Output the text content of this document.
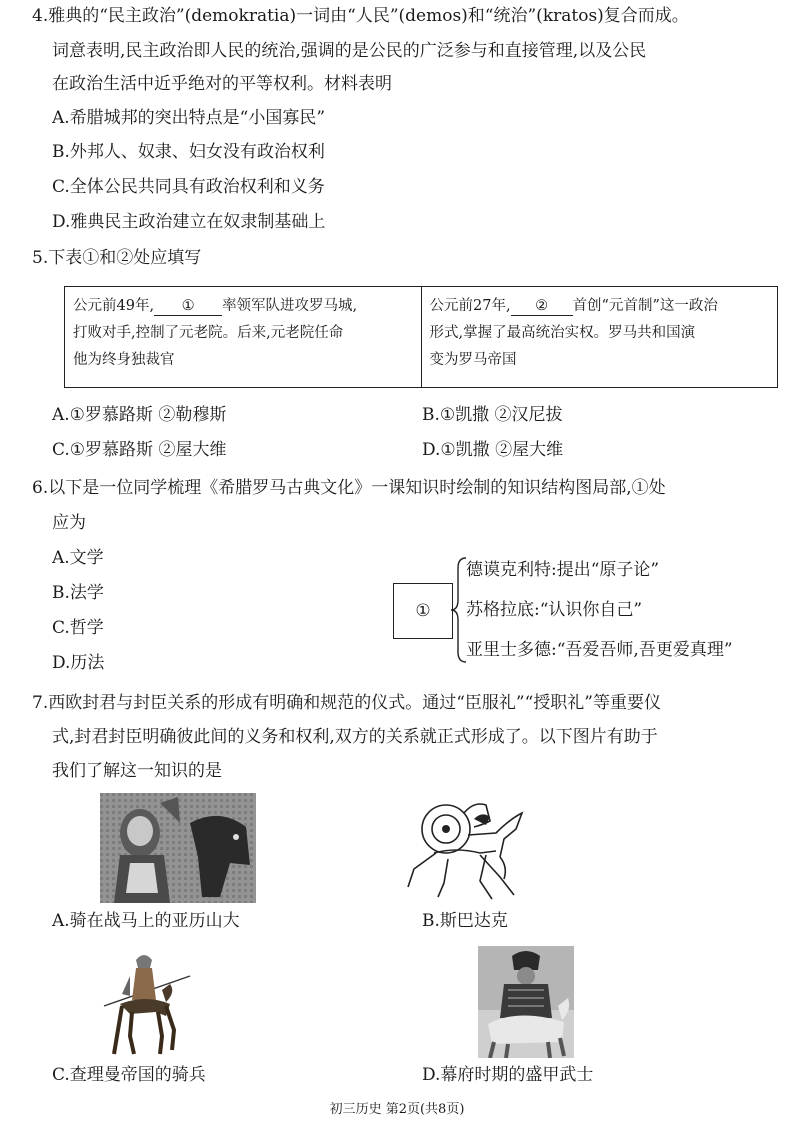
4.雅典的“民主政治”(demokratia)一词由“人民”(demos)和“统治”(kratos)复合而成。
词意表明,民主政治即人民的统治,强调的是公民的广泛参与和直接管理,以及公民
在政治生活中近乎绝对的平等权利。材料表明
A.希腊城邦的突出特点是“小国寡民”
B.外邦人、奴隶、妇女没有政治权利
C.全体公民共同具有政治权利和义务
D.雅典民主政治建立在奴隶制基础上
5.下表①和②处应填写
公元前49年, ① 率领军队进攻罗马城,
打败对手,控制了元老院。后来,元老院任命
他为终身独裁官
公元前27年, ② 首创“元首制”这一政治
形式,掌握了最高统治实权。罗马共和国演
变为罗马帝国
A.①罗慕路斯 ②勒穆斯	B.①凯撒 ②汉尼拔
C.①罗慕路斯 ②屋大维	D.①凯撒 ②屋大维
6.以下是一位同学梳理《希腊罗马古典文化》一课知识时绘制的知识结构图局部,①处
应为
A.文学
B.法学
C.哲学
D.历法
①
德谟克利特:提出“原子论”
苏格拉底:“认识你自己”
亚里士多德:“吾爱吾师,吾更爱真理”
7.西欧封君与封臣关系的形成有明确和规范的仪式。通过“臣服礼”“授职礼”等重要仪
式,封君封臣明确彼此间的义务和权利,双方的关系就正式形成了。以下图片有助于
我们了解这一知识的是
A.骑在战马上的亚历山大	B.斯巴达克
C.查理曼帝国的骑兵	D.幕府时期的盛甲武士
初三历史 第2页(共8页)
